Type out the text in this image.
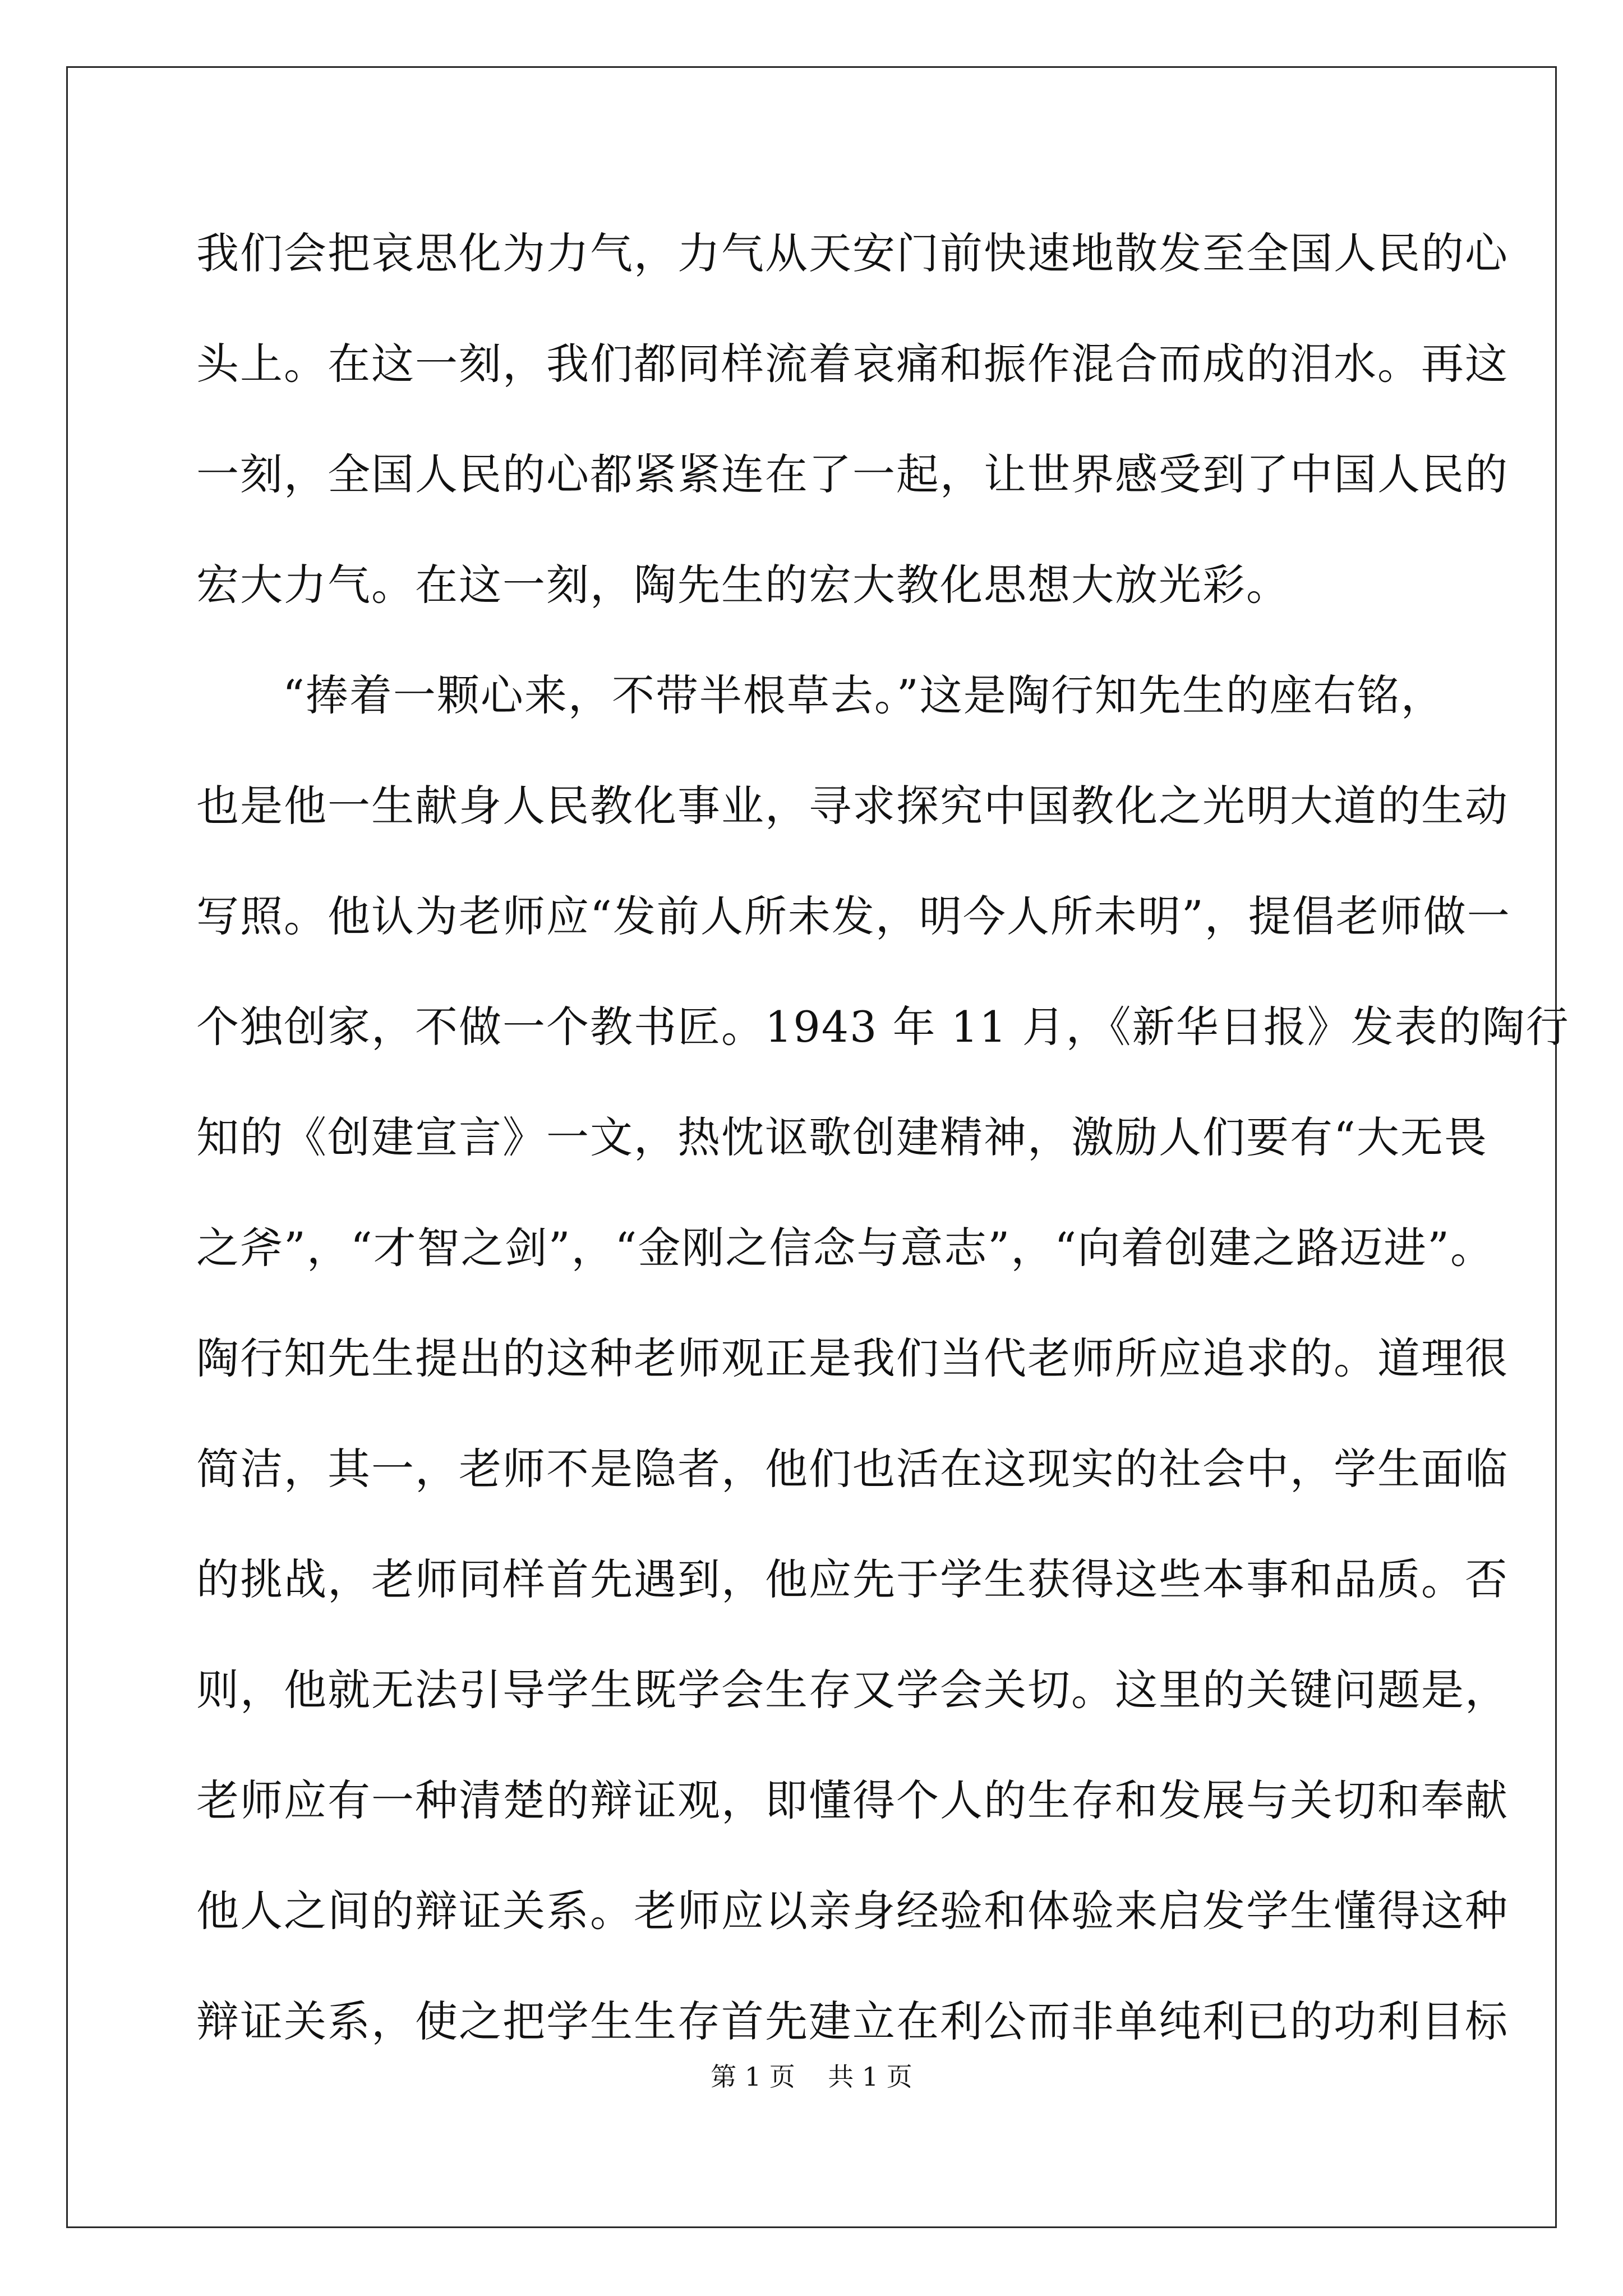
我们会把哀思化为力气，力气从天安门前快速地散发至全国人民的心
头上。在这一刻，我们都同样流着哀痛和振作混合而成的泪水。再这
一刻，全国人民的心都紧紧连在了一起，让世界感受到了中国人民的
宏大力气。在这一刻，陶先生的宏大教化思想大放光彩。
“捧着一颗心来，不带半根草去。”这是陶行知先生的座右铭，
也是他一生献身人民教化事业，寻求探究中国教化之光明大道的生动
写照。他认为老师应“发前人所未发，明今人所未明”，提倡老师做一
个独创家，不做一个教书匠。1943 年 11 月，《新华日报》发表的陶行
知的《创建宣言》一文，热忱讴歌创建精神，激励人们要有“大无畏
之斧”，“才智之剑”，“金刚之信念与意志”，“向着创建之路迈进”。
陶行知先生提出的这种老师观正是我们当代老师所应追求的。道理很
简洁，其一，老师不是隐者，他们也活在这现实的社会中，学生面临
的挑战，老师同样首先遇到，他应先于学生获得这些本事和品质。否
则，他就无法引导学生既学会生存又学会关切。这里的关键问题是，
老师应有一种清楚的辩证观，即懂得个人的生存和发展与关切和奉献
他人之间的辩证关系。老师应以亲身经验和体验来启发学生懂得这种
辩证关系，使之把学生生存首先建立在利公而非单纯利已的功利目标
第 1 页    共 1 页
